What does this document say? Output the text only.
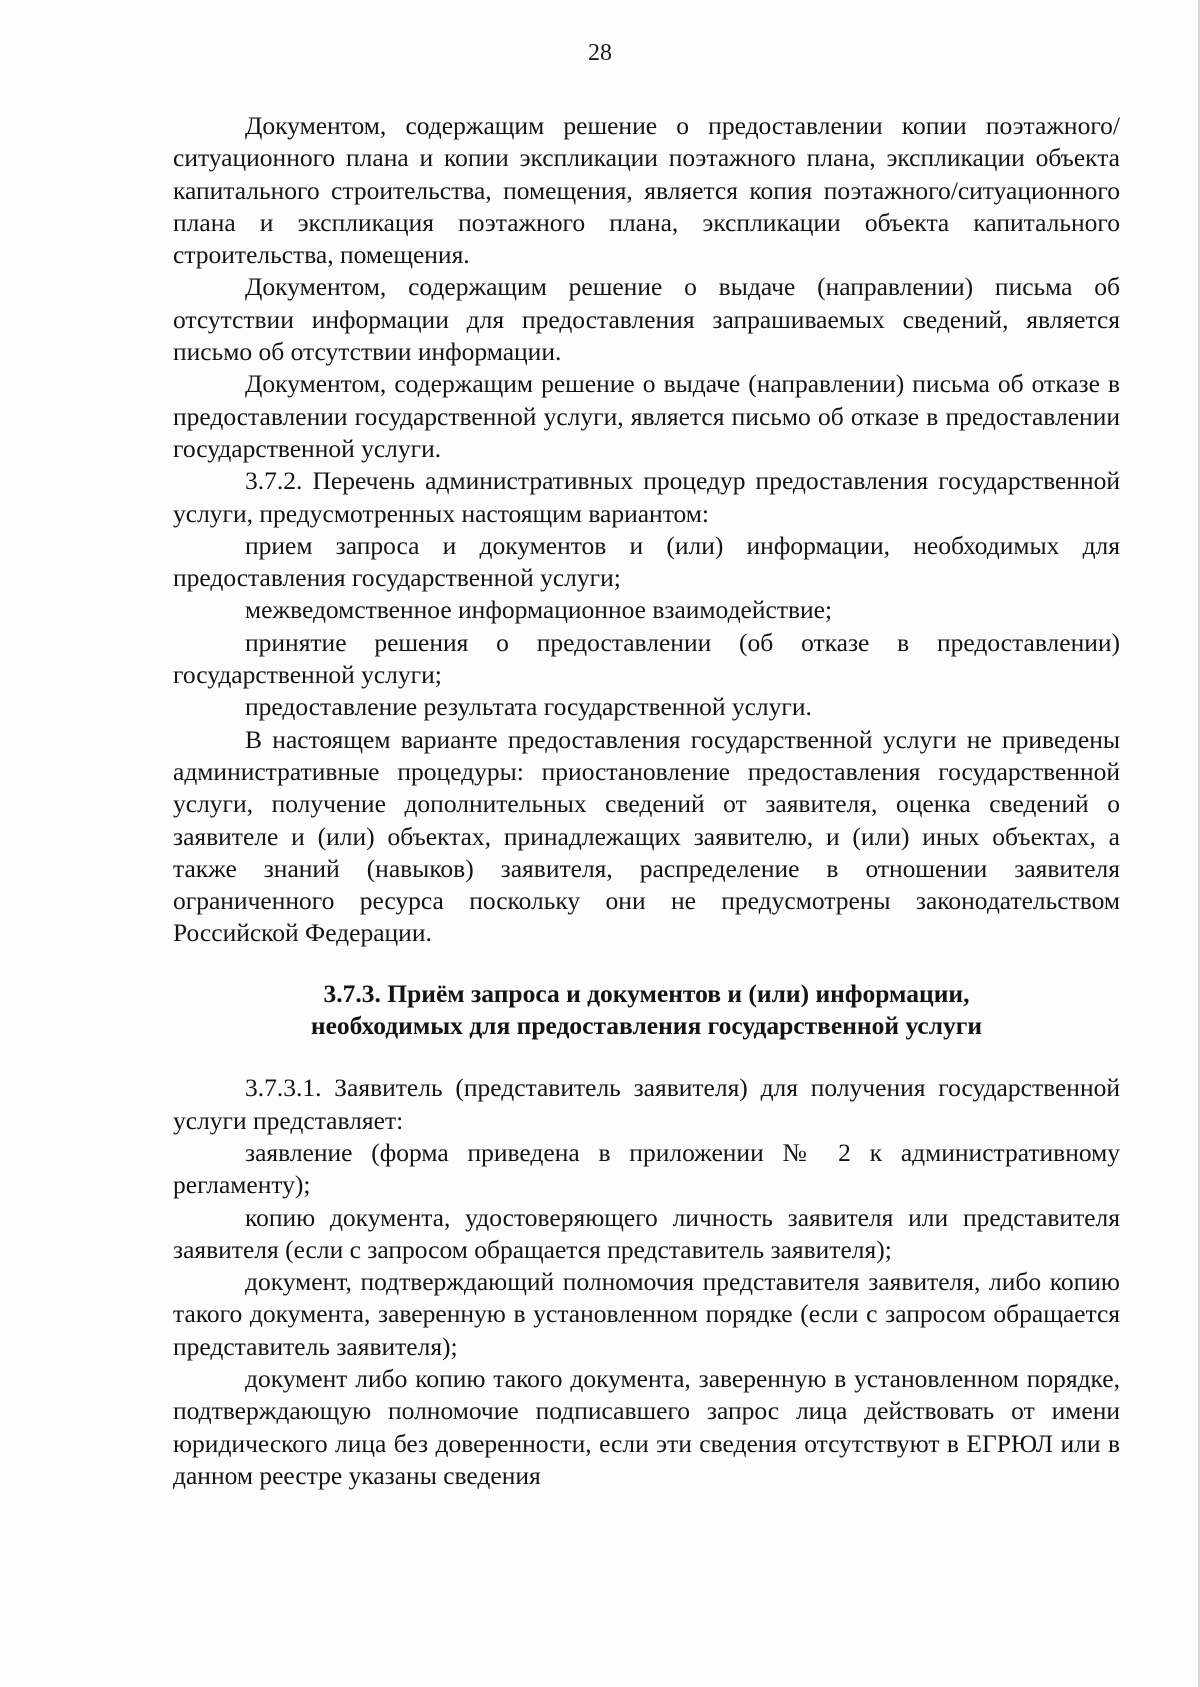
28

Документом, содержащим решение о предоставлении копии поэтажного/ситуационного плана и копии экспликации поэтажного плана, экспликации объекта капитального строительства, помещения, является копия поэтажного/ситуационного плана и экспликация поэтажного плана, экспликации объекта капитального строительства, помещения.

Документом, содержащим решение о выдаче (направлении) письма об отсутствии информации для предоставления запрашиваемых сведений, является письмо об отсутствии информации.

Документом, содержащим решение о выдаче (направлении) письма об отказе в предоставлении государственной услуги, является письмо об отказе в предоставлении государственной услуги.

3.7.2. Перечень административных процедур предоставления государственной услуги, предусмотренных настоящим вариантом:

прием запроса и документов и (или) информации, необходимых для предоставления государственной услуги;

межведомственное информационное взаимодействие;

принятие решения о предоставлении (об отказе в предоставлении) государственной услуги;

предоставление результата государственной услуги.

В настоящем варианте предоставления государственной услуги не приведены административные процедуры: приостановление предоставления государственной услуги, получение дополнительных сведений от заявителя, оценка сведений о заявителе и (или) объектах, принадлежащих заявителю, и (или) иных объектах, а также знаний (навыков) заявителя, распределение в отношении заявителя ограниченного ресурса поскольку они не предусмотрены законодательством Российской Федерации.

3.7.3. Приём запроса и документов и (или) информации,
необходимых для предоставления государственной услуги

3.7.3.1. Заявитель (представитель заявителя) для получения государственной услуги представляет:

заявление (форма приведена в приложении № 2 к административному регламенту);

копию документа, удостоверяющего личность заявителя или представителя заявителя (если с запросом обращается представитель заявителя);

документ, подтверждающий полномочия представителя заявителя, либо копию такого документа, заверенную в установленном порядке (если с запросом обращается представитель заявителя);

документ либо копию такого документа, заверенную в установленном порядке, подтверждающую полномочие подписавшего запрос лица действовать от имени юридического лица без доверенности, если эти сведения отсутствуют в ЕГРЮЛ или в данном реестре указаны сведения
